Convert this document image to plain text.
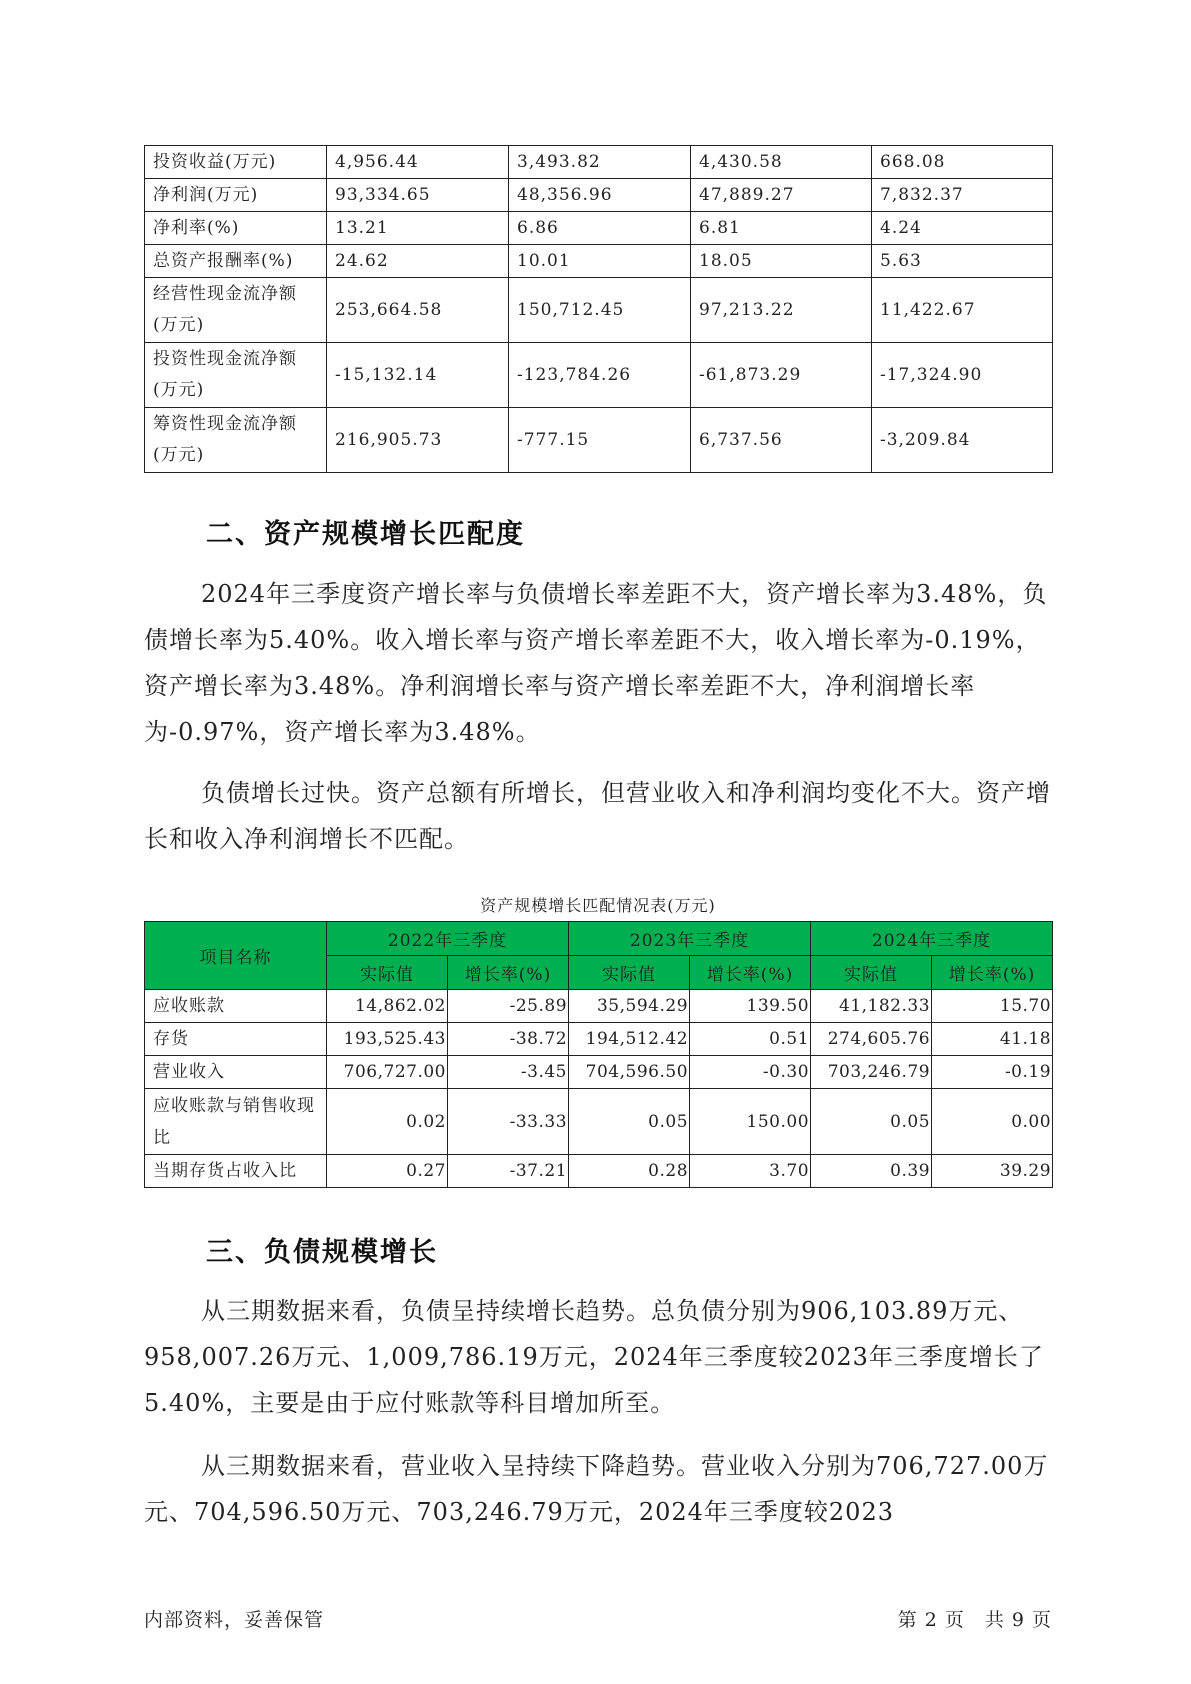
投资收益(万元)	4,956.44	3,493.82	4,430.58	668.08
净利润(万元)	93,334.65	48,356.96	47,889.27	7,832.37
净利率(%)	13.21	6.86	6.81	4.24
总资产报酬率(%)	24.62	10.01	18.05	5.63
经营性现金流净额(万元)	253,664.58	150,712.45	97,213.22	11,422.67
投资性现金流净额(万元)	-15,132.14	-123,784.26	-61,873.29	-17,324.90
筹资性现金流净额(万元)	216,905.73	-777.15	6,737.56	-3,209.84
二、资产规模增长匹配度

2024年三季度资产增长率与负债增长率差距不大，资产增长率为3.48%，负债增长率为5.40%。收入增长率与资产增长率差距不大，收入增长率为-0.19%，资产增长率为3.48%。净利润增长率与资产增长率差距不大，净利润增长率为-0.97%，资产增长率为3.48%。

负债增长过快。资产总额有所增长，但营业收入和净利润均变化不大。资产增长和收入净利润增长不匹配。

资产规模增长匹配情况表(万元)
项目名称	2022年三季度		2023年三季度		2024年三季度	
	实际值	增长率(%)	实际值	增长率(%)	实际值	增长率(%)
应收账款	14,862.02	-25.89	35,594.29	139.50	41,182.33	15.70
存货	193,525.43	-38.72	194,512.42	0.51	274,605.76	41.18
营业收入	706,727.00	-3.45	704,596.50	-0.30	703,246.79	-0.19
应收账款与销售收现比	0.02	-33.33	0.05	150.00	0.05	0.00
当期存货占收入比	0.27	-37.21	0.28	3.70	0.39	39.29
三、负债规模增长

从三期数据来看，负债呈持续增长趋势。总负债分别为906,103.89万元、958,007.26万元、1,009,786.19万元，2024年三季度较2023年三季度增长了5.40%，主要是由于应付账款等科目增加所至。

从三期数据来看，营业收入呈持续下降趋势。营业收入分别为706,727.00万元、704,596.50万元、703,246.79万元，2024年三季度较2023

内部资料，妥善保管	第 2 页　共 9 页
